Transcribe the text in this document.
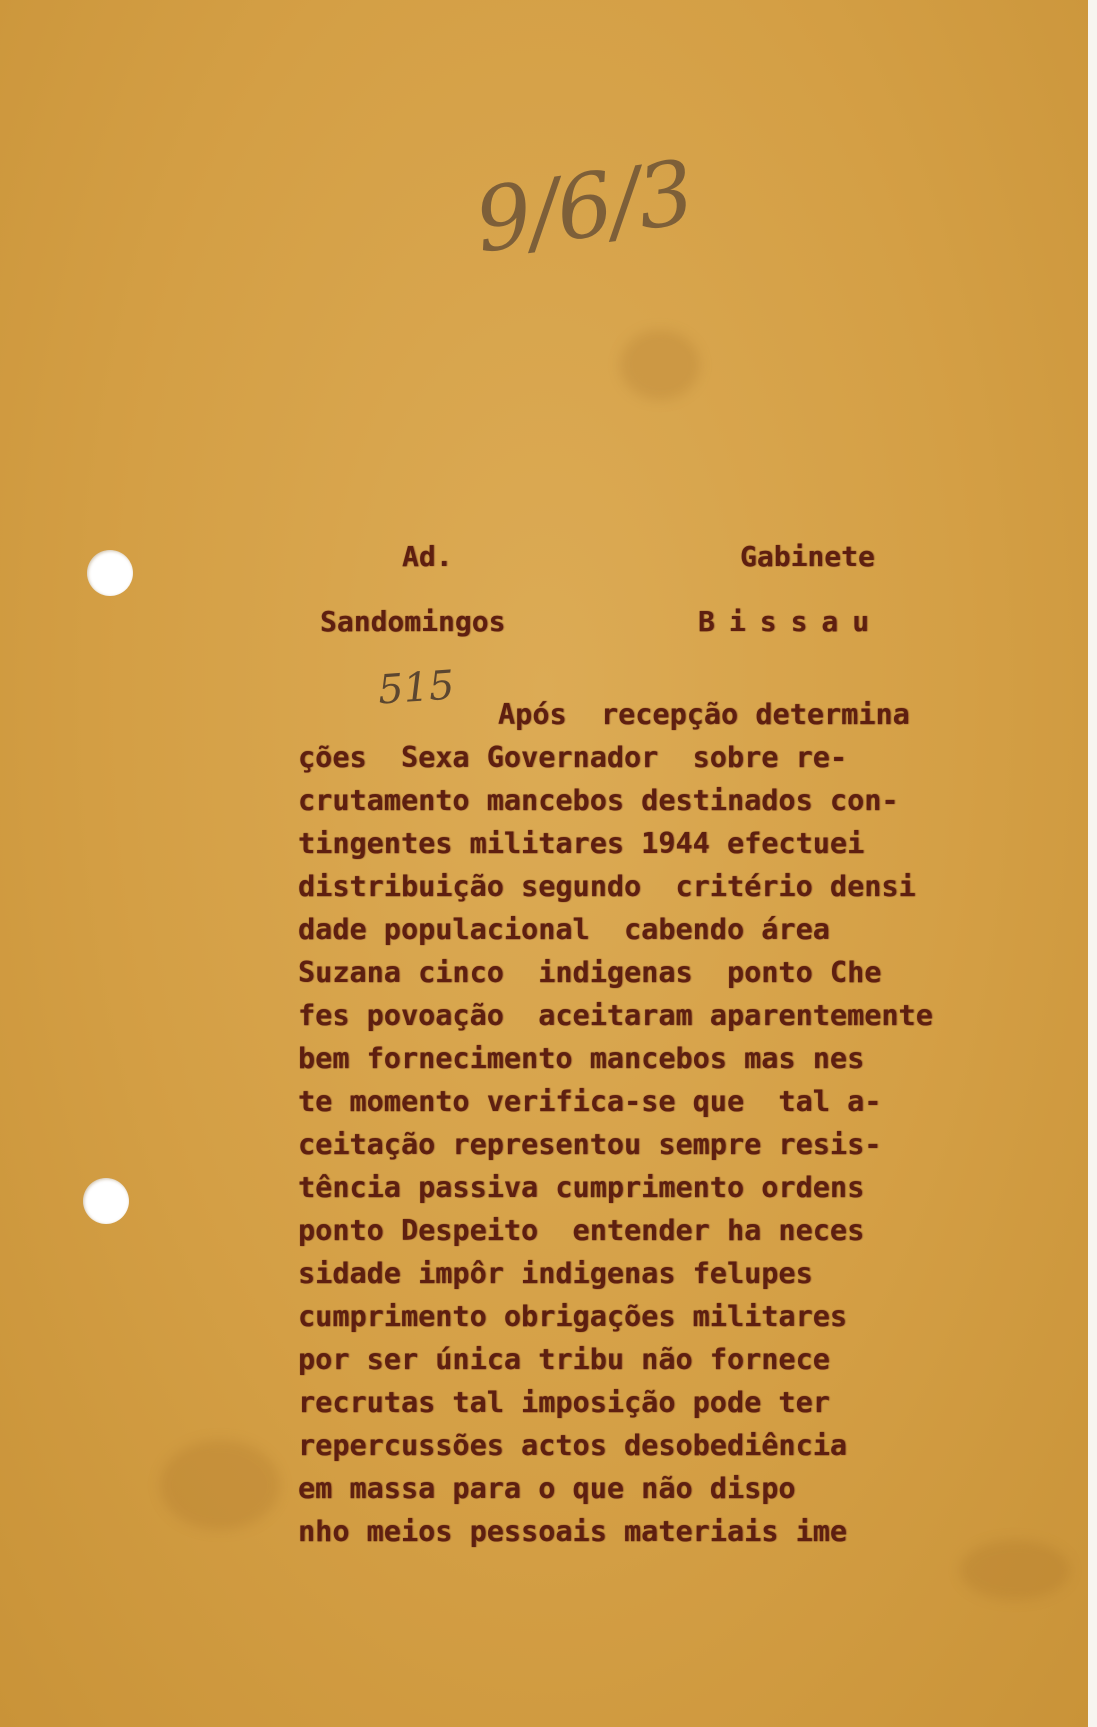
9/6/3
Ad.	Gabinete
Sandomingos	Bissau
515
Após  recepção determina
ções  Sexa Governador  sobre re-
crutamento mancebos destinados con-
tingentes militares 1944 efectuei
distribuição segundo  critério densi
dade populacional  cabendo área
Suzana cinco  indigenas  ponto Che
fes povoação  aceitaram aparentemente
bem fornecimento mancebos mas nes
te momento verifica-se que  tal a-
ceitação representou sempre resis-
tência passiva cumprimento ordens
ponto Despeito  entender ha neces
sidade impôr indigenas felupes
cumprimento obrigações militares
por ser única tribu não fornece
recrutas tal imposição pode ter
repercussões actos desobediência
em massa para o que não dispo
nho meios pessoais materiais ime
